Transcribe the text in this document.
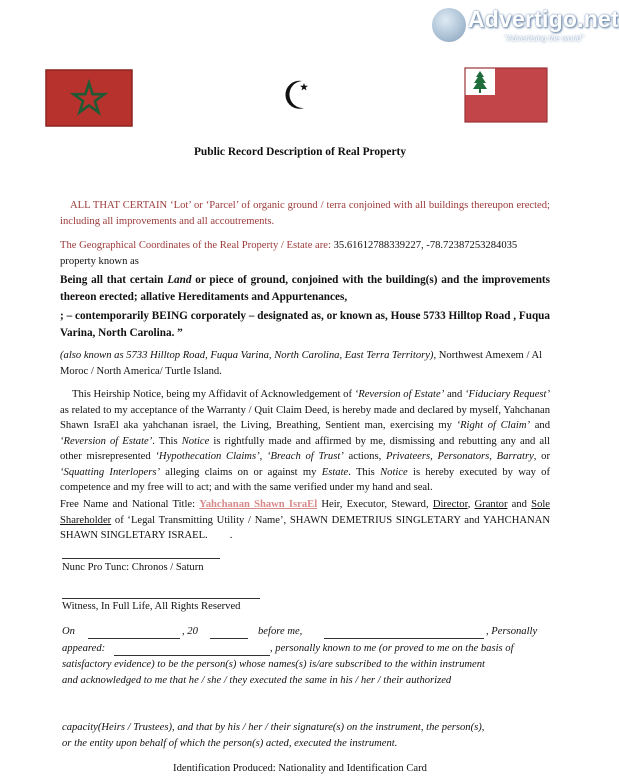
Advertigo.net
"Advertising the world"
Public Record Description of Real Property
ALL THAT CERTAIN ‘Lot’ or ‘Parcel’ of organic ground / terra conjoined with all buildings thereupon erected; including all improvements and all accoutrements.
The Geographical Coordinates of the Real Property / Estate are: 35.61612788339227, -78.72387253284035
property known as
Being all that certain Land or piece of ground, conjoined with the building(s) and the improvements thereon erected; allative Hereditaments and Appurtenances,
; – contemporarily BEING corporately – designated as, or known as, House 5733 Hilltop Road , Fuqua Varina, North Carolina. ”
(also known as 5733 Hilltop Road, Fuqua Varina, North Carolina, East Terra Territory), Northwest Amexem / Al Moroc / North America/ Turtle Island.
This Heirship Notice, being my Affidavit of Acknowledgement of ‘Reversion of Estate’ and ‘Fiduciary Request’ as related to my acceptance of the Warranty / Quit Claim Deed, is hereby made and declared by myself, Yahchanan Shawn IsraEl aka yahchanan israel, the Living, Breathing, Sentient man, exercising my ‘Right of Claim’ and ‘Reversion of Estate’. This Notice is rightfully made and affirmed by me, dismissing and rebutting any and all other misrepresented ‘Hypothecation Claims’, ‘Breach of Trust’ actions, Privateers, Personators, Barratry, or ‘Squatting Interlopers’ alleging claims on or against my Estate. This Notice is hereby executed by way of competence and my free will to act; and with the same verified under my hand and seal.
Free Name and National Title: Yahchanan Shawn IsraEl Heir, Executor, Steward, Director, Grantor and Sole Shareholder of ‘Legal Transmitting Utility / Name’, SHAWN DEMETRIUS SINGLETARY and YAHCHANAN SHAWN SINGLETARY ISRAEL. .
Nunc Pro Tunc: Chronos / Saturn
Witness, In Full Life, All Rights Reserved
On	, 20	before me,	, Personally
appeared:	, personally known to me (or proved to me on the basis of
satisfactory evidence) to be the person(s) whose names(s) is/are subscribed to the within instrument
and acknowledged to me that he / she / they executed the same in his / her / their authorized
capacity(Heirs / Trustees), and that by his / her / their signature(s) on the instrument, the person(s),
or the entity upon behalf of which the person(s) acted, executed the instrument.
Identification Produced: Nationality and Identification Card
